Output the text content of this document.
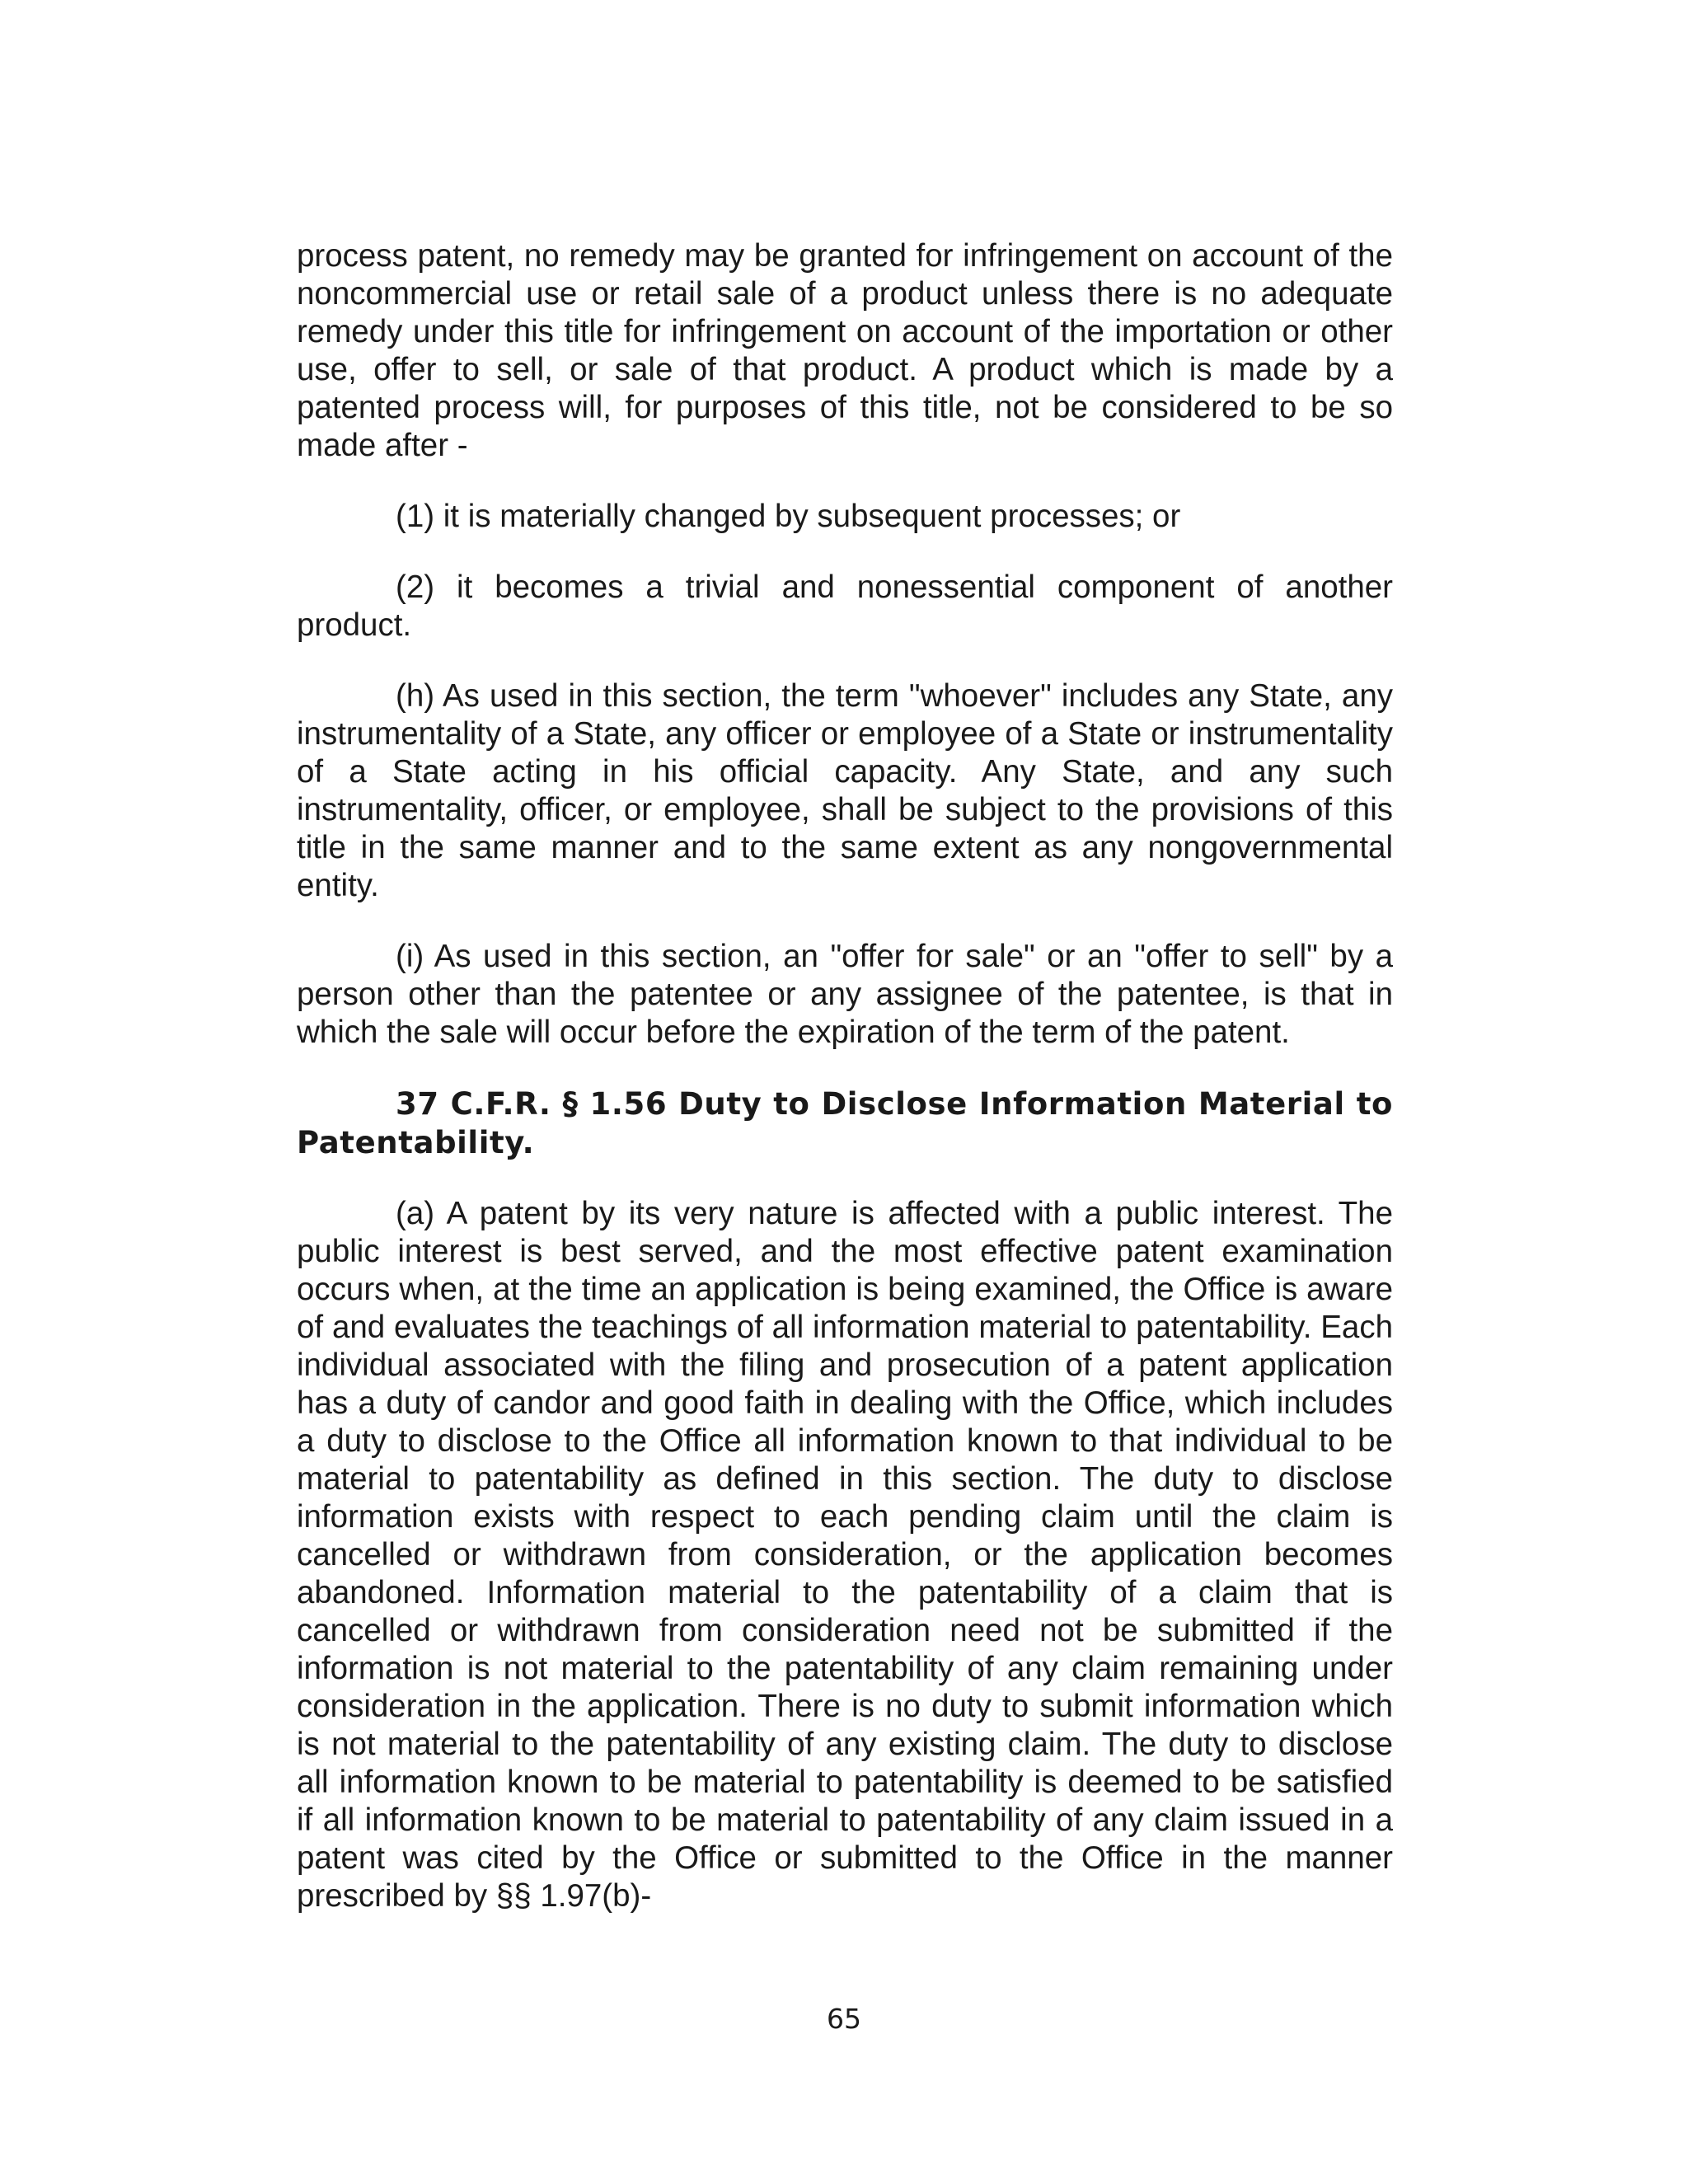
process patent, no remedy may be granted for infringement on account of the noncommercial use or retail sale of a product unless there is no adequate remedy under this title for infringement on account of the importation or other use, offer to sell, or sale of that product. A product which is made by a patented process will, for purposes of this title, not be considered to be so made after -

(1) it is materially changed by subsequent processes; or

(2) it becomes a trivial and nonessential component of another product.

(h) As used in this section, the term "whoever" includes any State, any instrumentality of a State, any officer or employee of a State or instrumentality of a State acting in his official capacity. Any State, and any such instrumentality, officer, or employee, shall be subject to the provisions of this title in the same manner and to the same extent as any nongovernmental entity.

(i) As used in this section, an "offer for sale" or an "offer to sell" by a person other than the patentee or any assignee of the patentee, is that in which the sale will occur before the expiration of the term of the patent.

37 C.F.R. § 1.56 Duty to Disclose Information Material to Patentability.

(a) A patent by its very nature is affected with a public interest. The public interest is best served, and the most effective patent examination occurs when, at the time an application is being examined, the Office is aware of and evaluates the teachings of all information material to patentability. Each individual associated with the filing and prosecution of a patent application has a duty of candor and good faith in dealing with the Office, which includes a duty to disclose to the Office all information known to that individual to be material to patentability as defined in this section. The duty to disclose information exists with respect to each pending claim until the claim is cancelled or withdrawn from consideration, or the application becomes abandoned. Information material to the patentability of a claim that is cancelled or withdrawn from consideration need not be submitted if the information is not material to the patentability of any claim remaining under consideration in the application. There is no duty to submit information which is not material to the patentability of any existing claim. The duty to disclose all information known to be material to patentability is deemed to be satisfied if all information known to be material to patentability of any claim issued in a patent was cited by the Office or submitted to the Office in the manner prescribed by §§ 1.97(b)-

65
